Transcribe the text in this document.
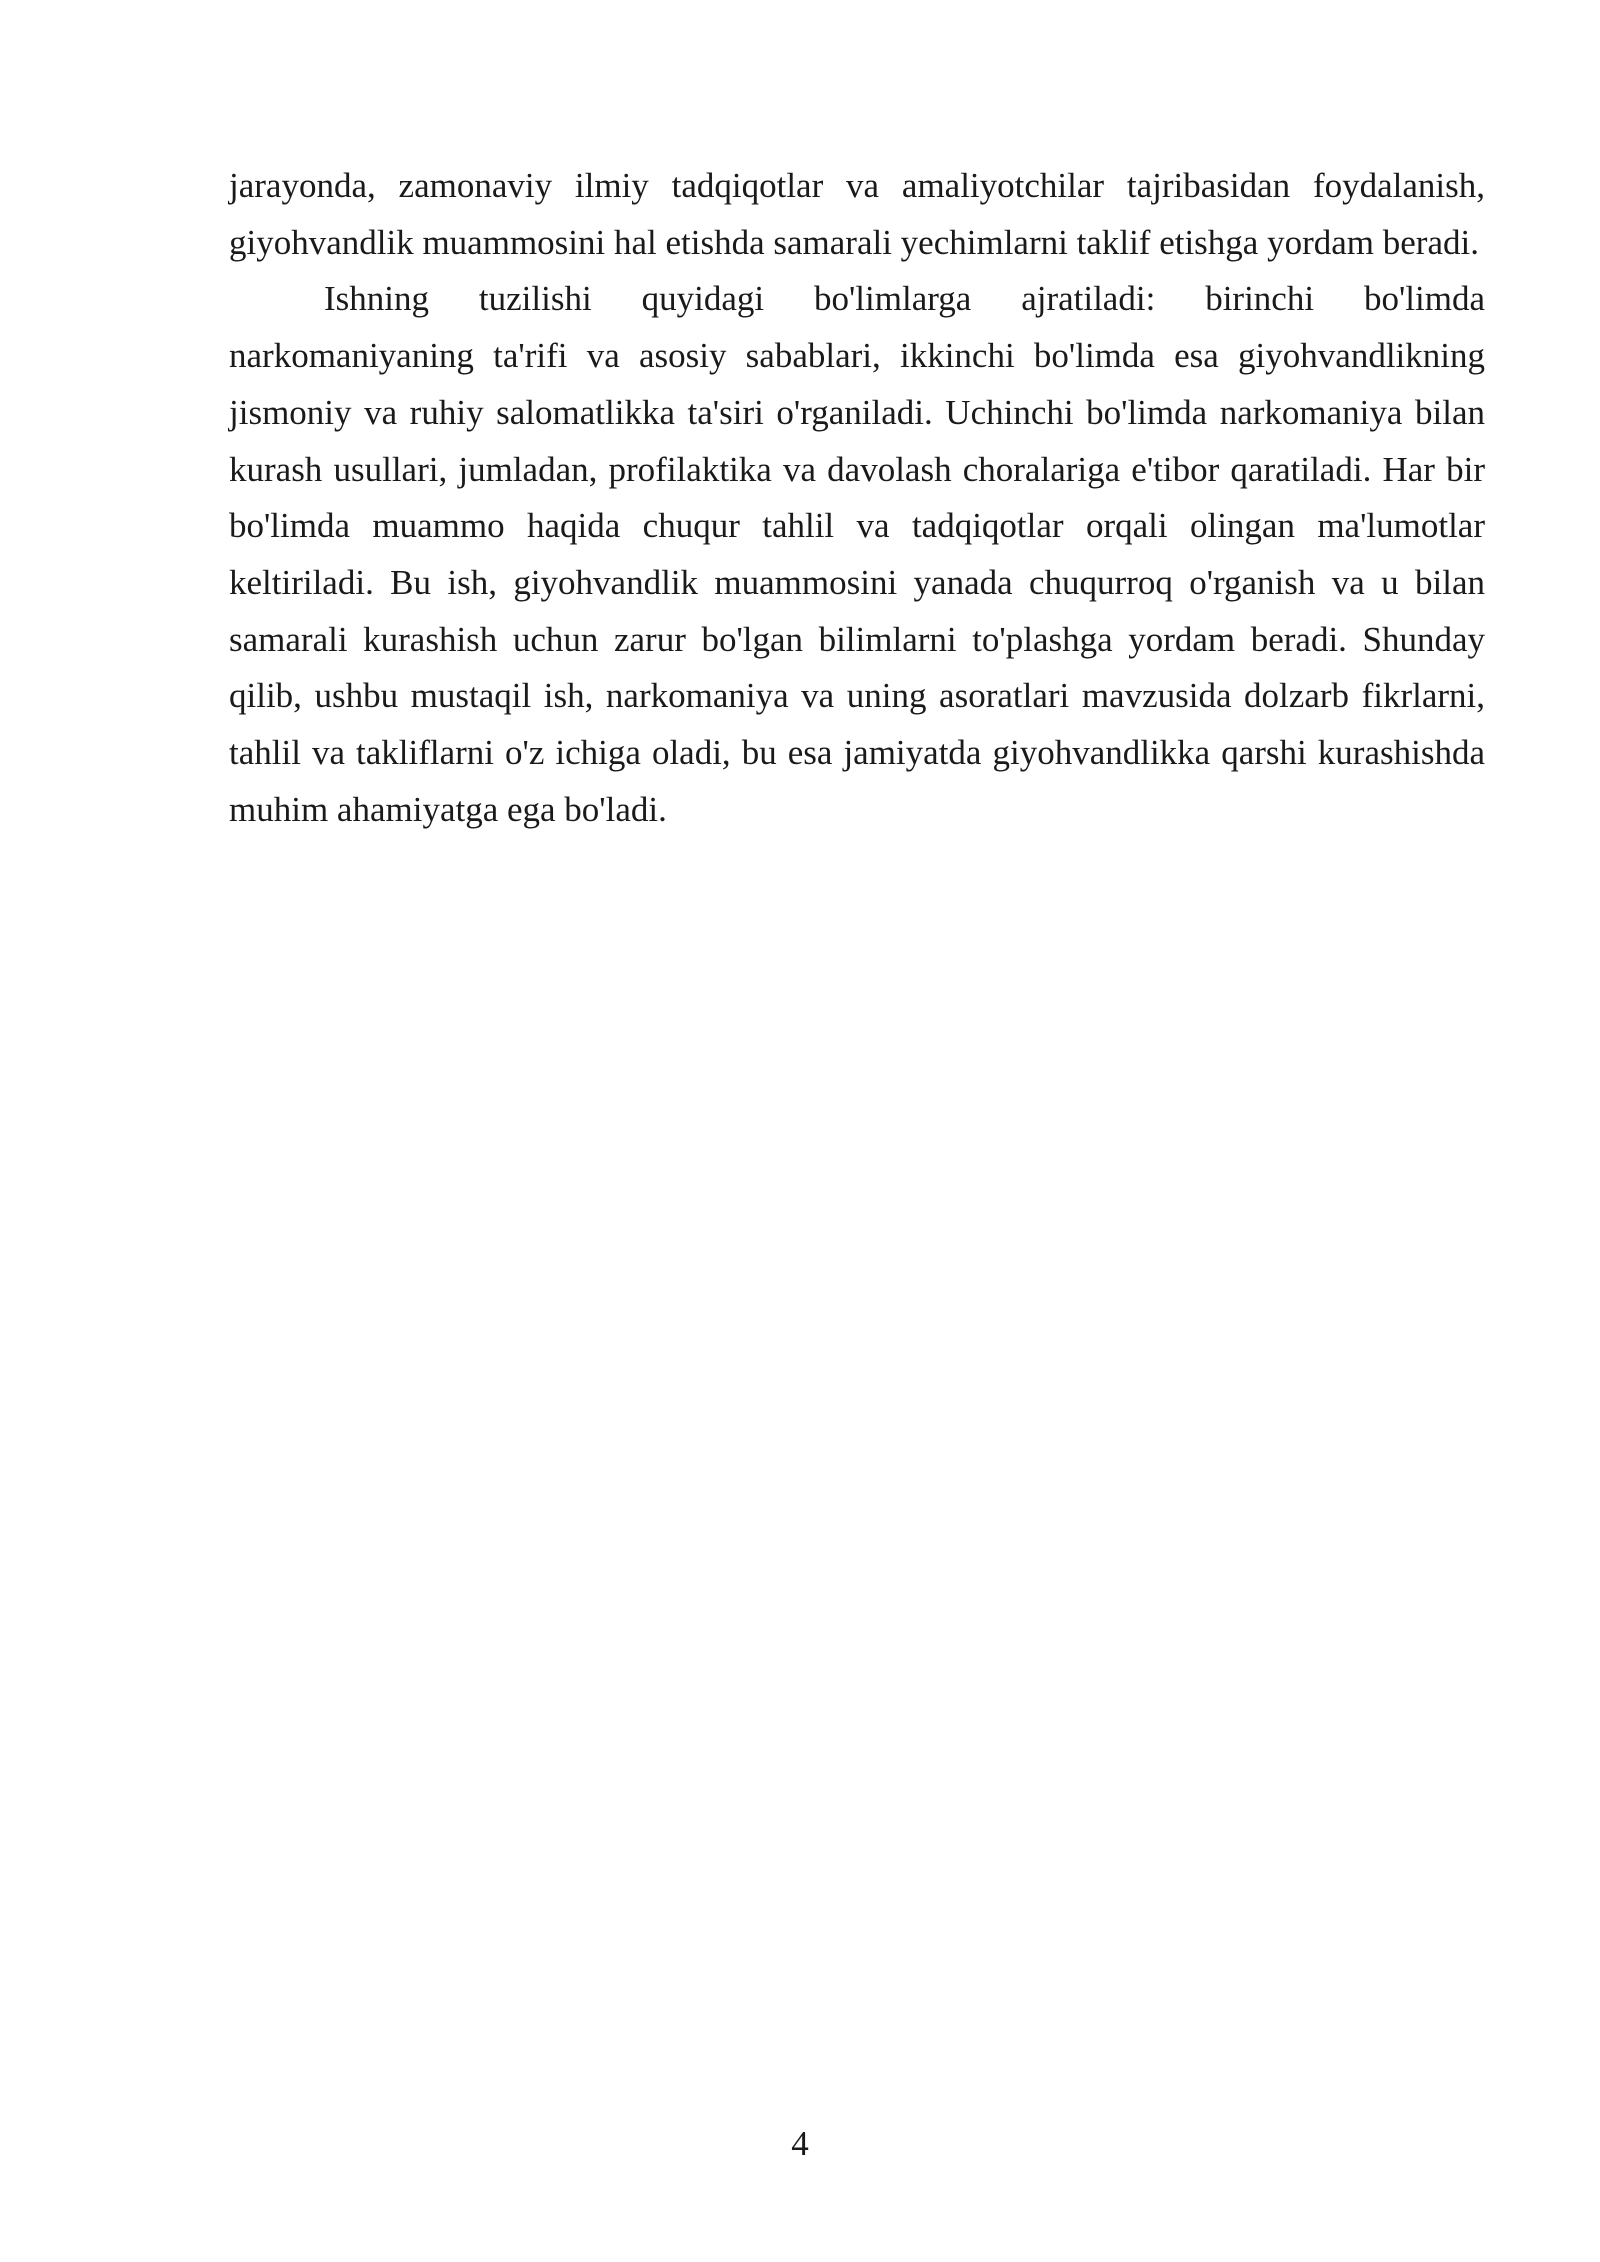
jarayonda, zamonaviy ilmiy tadqiqotlar va amaliyotchilar tajribasidan foydalanish, giyohvandlik muammosini hal etishda samarali yechimlarni taklif etishga yordam beradi.

Ishning tuzilishi quyidagi bo'limlarga ajratiladi: birinchi bo'limda narkomaniyaning ta'rifi va asosiy sabablari, ikkinchi bo'limda esa giyohvandlikning jismoniy va ruhiy salomatlikka ta'siri o'rganiladi. Uchinchi bo'limda narkomaniya bilan kurash usullari, jumladan, profilaktika va davolash choralariga e'tibor qaratiladi. Har bir bo'limda muammo haqida chuqur tahlil va tadqiqotlar orqali olingan ma'lumotlar keltiriladi. Bu ish, giyohvandlik muammosini yanada chuqurroq o'rganish va u bilan samarali kurashish uchun zarur bo'lgan bilimlarni to'plashga yordam beradi. Shunday qilib, ushbu mustaqil ish, narkomaniya va uning asoratlari mavzusida dolzarb fikrlarni, tahlil va takliflarni o'z ichiga oladi, bu esa jamiyatda giyohvandlikka qarshi kurashishda muhim ahamiyatga ega bo'ladi.

4
